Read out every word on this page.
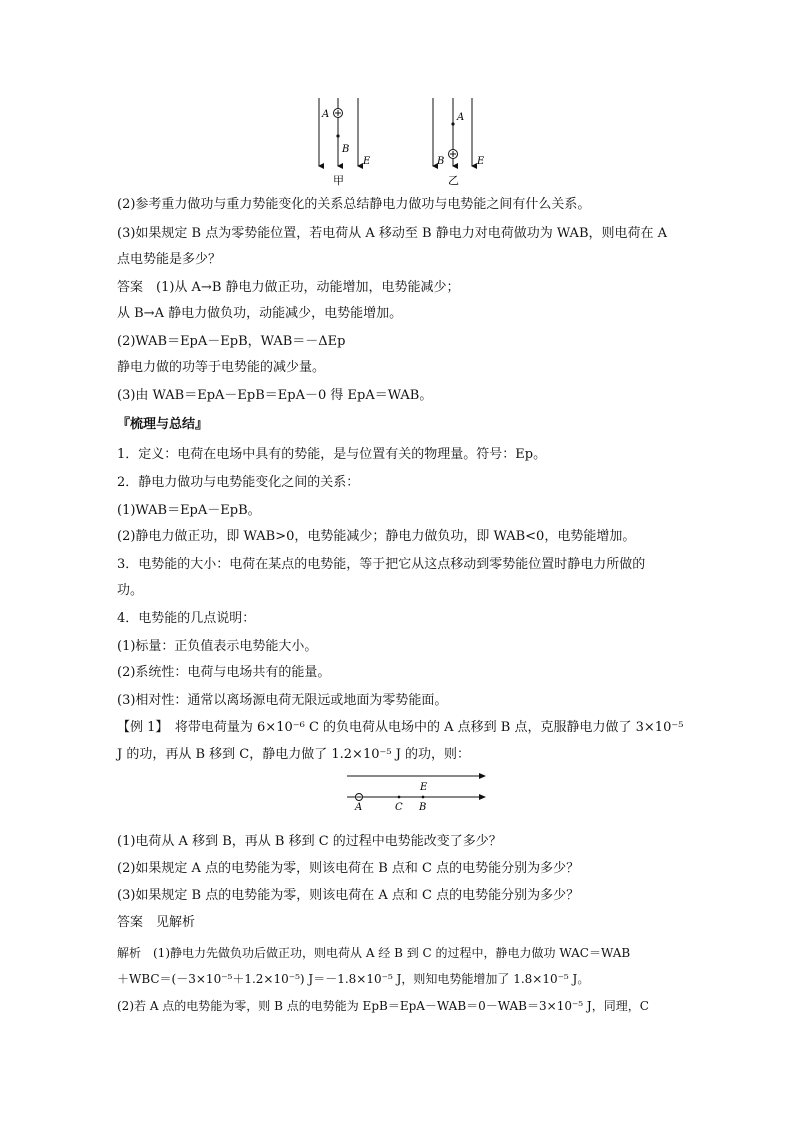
A
B
E
甲
A
B	E
乙
(2)参考重力做功与重力势能变化的关系总结静电力做功与电势能之间有什么关系。
(3)如果规定 B 点为零势能位置，若电荷从 A 移动至 B 静电力对电荷做功为 WAB，则电荷在 A
点电势能是多少？
答案　(1)从 A→B 静电力做正功，动能增加，电势能减少；
从 B→A 静电力做负功，动能减少，电势能增加。
(2)WAB＝EpA－EpB，WAB＝－ΔEp
静电力做的功等于电势能的减少量。
(3)由 WAB＝EpA－EpB＝EpA－0 得 EpA＝WAB。
『梳理与总结』
1．定义：电荷在电场中具有的势能，是与位置有关的物理量。符号：Ep。
2．静电力做功与电势能变化之间的关系：
(1)WAB＝EpA－EpB。
(2)静电力做正功，即 WAB>0，电势能减少；静电力做负功，即 WAB<0，电势能增加。
3．电势能的大小：电荷在某点的电势能，等于把它从这点移动到零势能位置时静电力所做的
功。
4．电势能的几点说明：
(1)标量：正负值表示电势能大小。
(2)系统性：电荷与电场共有的能量。
(3)相对性：通常以离场源电荷无限远或地面为零势能面。
【例 1】　将带电荷量为 6×10⁻⁶ C 的负电荷从电场中的 A 点移到 B 点，克服静电力做了 3×10⁻⁵
J 的功，再从 B 移到 C，静电力做了 1.2×10⁻⁵ J 的功，则：
E
A	C B
(1)电荷从 A 移到 B，再从 B 移到 C 的过程中电势能改变了多少？
(2)如果规定 A 点的电势能为零，则该电荷在 B 点和 C 点的电势能分别为多少？
(3)如果规定 B 点的电势能为零，则该电荷在 A 点和 C 点的电势能分别为多少？
答案　见解析
解析　(1)静电力先做负功后做正功，则电荷从 A 经 B 到 C 的过程中，静电力做功 WAC＝WAB
＋WBC＝(－3×10⁻⁵＋1.2×10⁻⁵) J＝－1.8×10⁻⁵ J，则知电势能增加了 1.8×10⁻⁵ J。
(2)若 A 点的电势能为零，则 B 点的电势能为 EpB＝EpA－WAB＝0－WAB＝3×10⁻⁵ J，同理，C
